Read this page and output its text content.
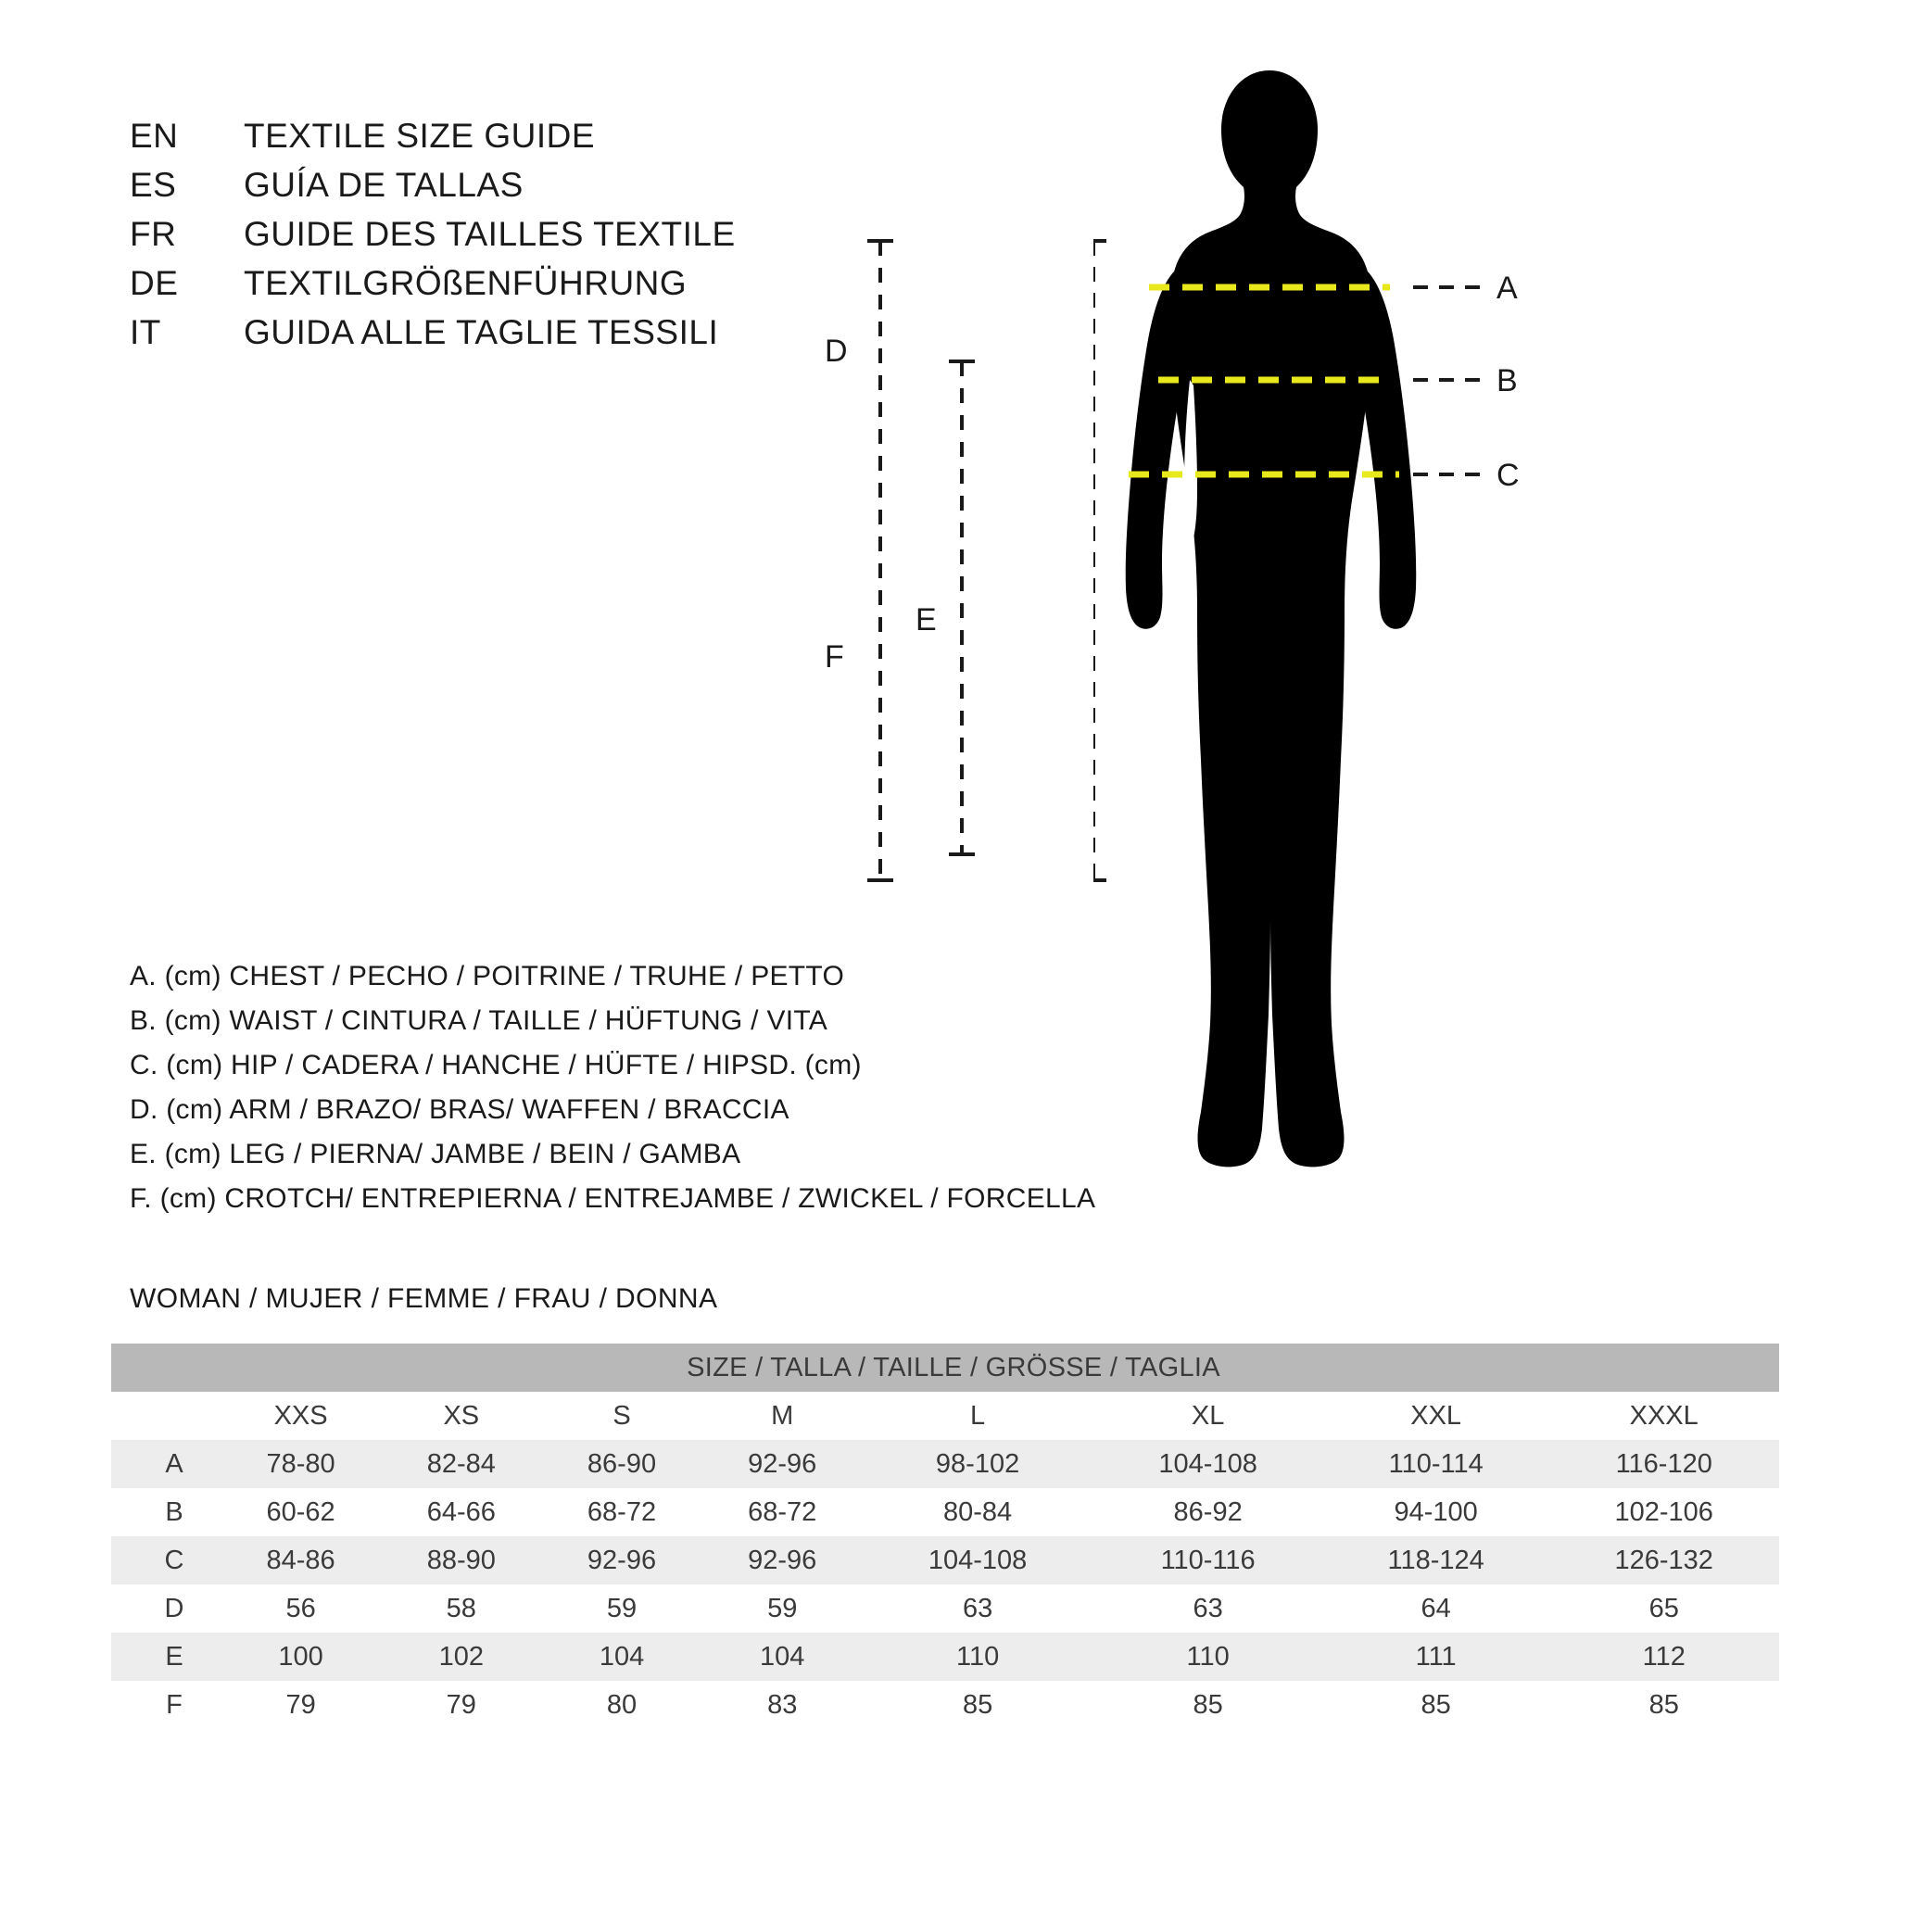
EN	TEXTILE SIZE GUIDE
ES	GUÍA DE TALLAS
FR	GUIDE DES TAILLES TEXTILE
DE	TEXTILGRÖßENFÜHRUNG
IT	GUIDA ALLE TAGLIE TESSILI
A
B
C
F
D
E
A. (cm) CHEST / PECHO / POITRINE / TRUHE / PETTO
B. (cm) WAIST / CINTURA / TAILLE / HÜFTUNG / VITA
C. (cm) HIP / CADERA / HANCHE / HÜFTE / HIPSD. (cm)
D. (cm) ARM / BRAZO/ BRAS/ WAFFEN / BRACCIA
E. (cm) LEG / PIERNA/ JAMBE / BEIN / GAMBA
F. (cm) CROTCH/ ENTREPIERNA / ENTREJAMBE / ZWICKEL / FORCELLA
WOMAN / MUJER / FEMME / FRAU / DONNA
SIZE / TALLA / TAILLE / GRÖSSE / TAGLIA								
	XXS	XS	S	M	L	XL	XXL	XXXL
A	78-80	82-84	86-90	92-96	98-102	104-108	110-114	116-120
B	60-62	64-66	68-72	68-72	80-84	86-92	94-100	102-106
C	84-86	88-90	92-96	92-96	104-108	110-116	118-124	126-132
D	56	58	59	59	63	63	64	65
E	100	102	104	104	110	110	111	112
F	79	79	80	83	85	85	85	85
